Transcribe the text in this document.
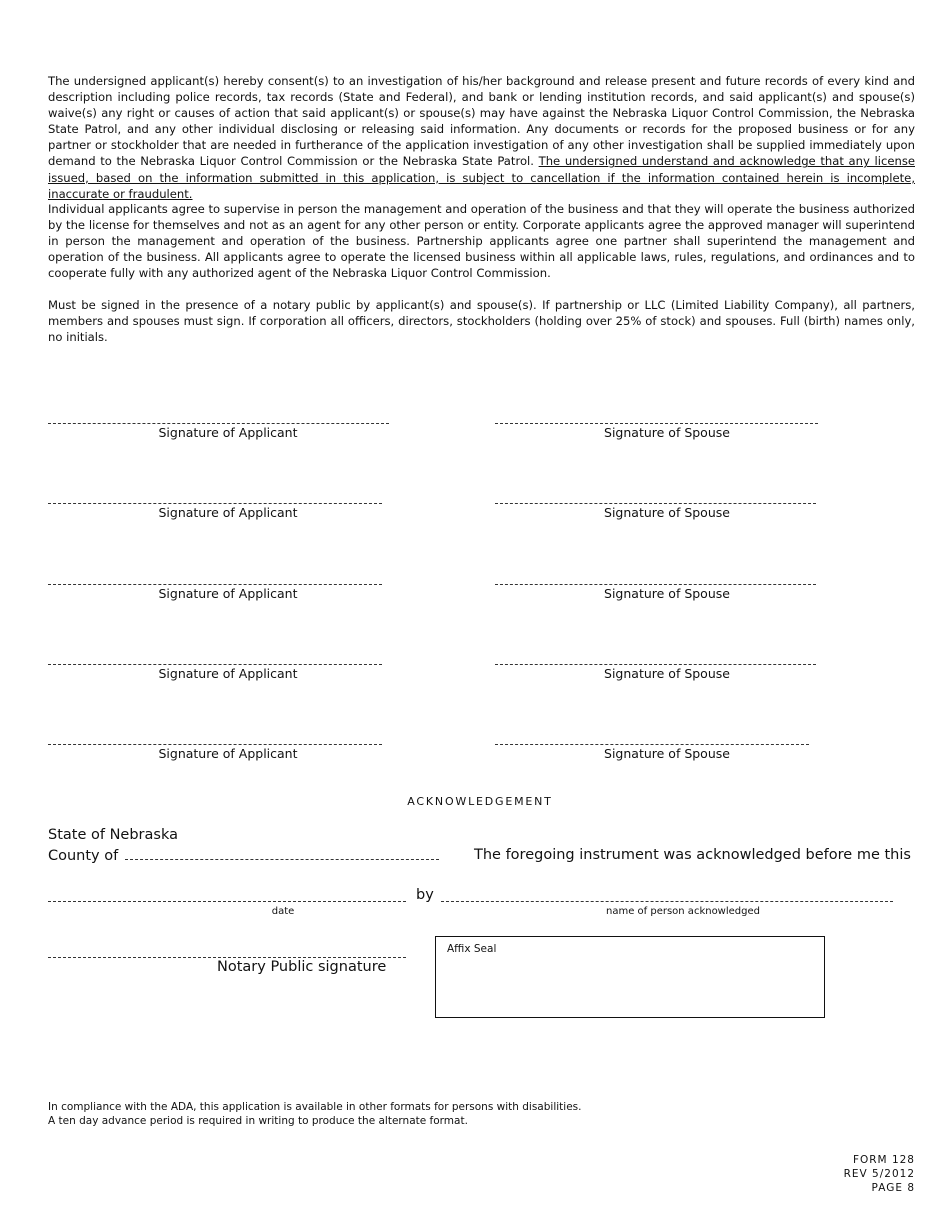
The undersigned applicant(s) hereby consent(s) to an investigation of his/her background and release present and future records of every kind and description including police records, tax records (State and Federal), and bank or lending institution records, and said applicant(s) and spouse(s) waive(s) any right or causes of action that said applicant(s) or spouse(s) may have against the Nebraska Liquor Control Commission, the Nebraska State Patrol, and any other individual disclosing or releasing said information. Any documents or records for the proposed business or for any partner or stockholder that are needed in furtherance of the application investigation of any other investigation shall be supplied immediately upon demand to the Nebraska Liquor Control Commission or the Nebraska State Patrol. The undersigned understand and acknowledge that any license issued, based on the information submitted in this application, is subject to cancellation if the information contained herein is incomplete, inaccurate or fraudulent.

Individual applicants agree to supervise in person the management and operation of the business and that they will operate the business authorized by the license for themselves and not as an agent for any other person or entity. Corporate applicants agree the approved manager will superintend in person the management and operation of the business. Partnership applicants agree one partner shall superintend the management and operation of the business. All applicants agree to operate the licensed business within all applicable laws, rules, regulations, and ordinances and to cooperate fully with any authorized agent of the Nebraska Liquor Control Commission.

Must be signed in the presence of a notary public by applicant(s) and spouse(s). If partnership or LLC (Limited Liability Company), all partners, members and spouses must sign. If corporation all officers, directors, stockholders (holding over 25% of stock) and spouses. Full (birth) names only, no initials.

Signature of Applicant	Signature of Spouse
Signature of Applicant	Signature of Spouse
Signature of Applicant	Signature of Spouse
Signature of Applicant	Signature of Spouse
Signature of Applicant	Signature of Spouse
ACKNOWLEDGEMENT
State of Nebraska
County of	The foregoing instrument was acknowledged before me this
by
date	name of person acknowledged
Notary Public signature
Affix Seal
In compliance with the ADA, this application is available in other formats for persons with disabilities.
A ten day advance period is required in writing to produce the alternate format.
FORM 128
REV 5/2012
PAGE 8
